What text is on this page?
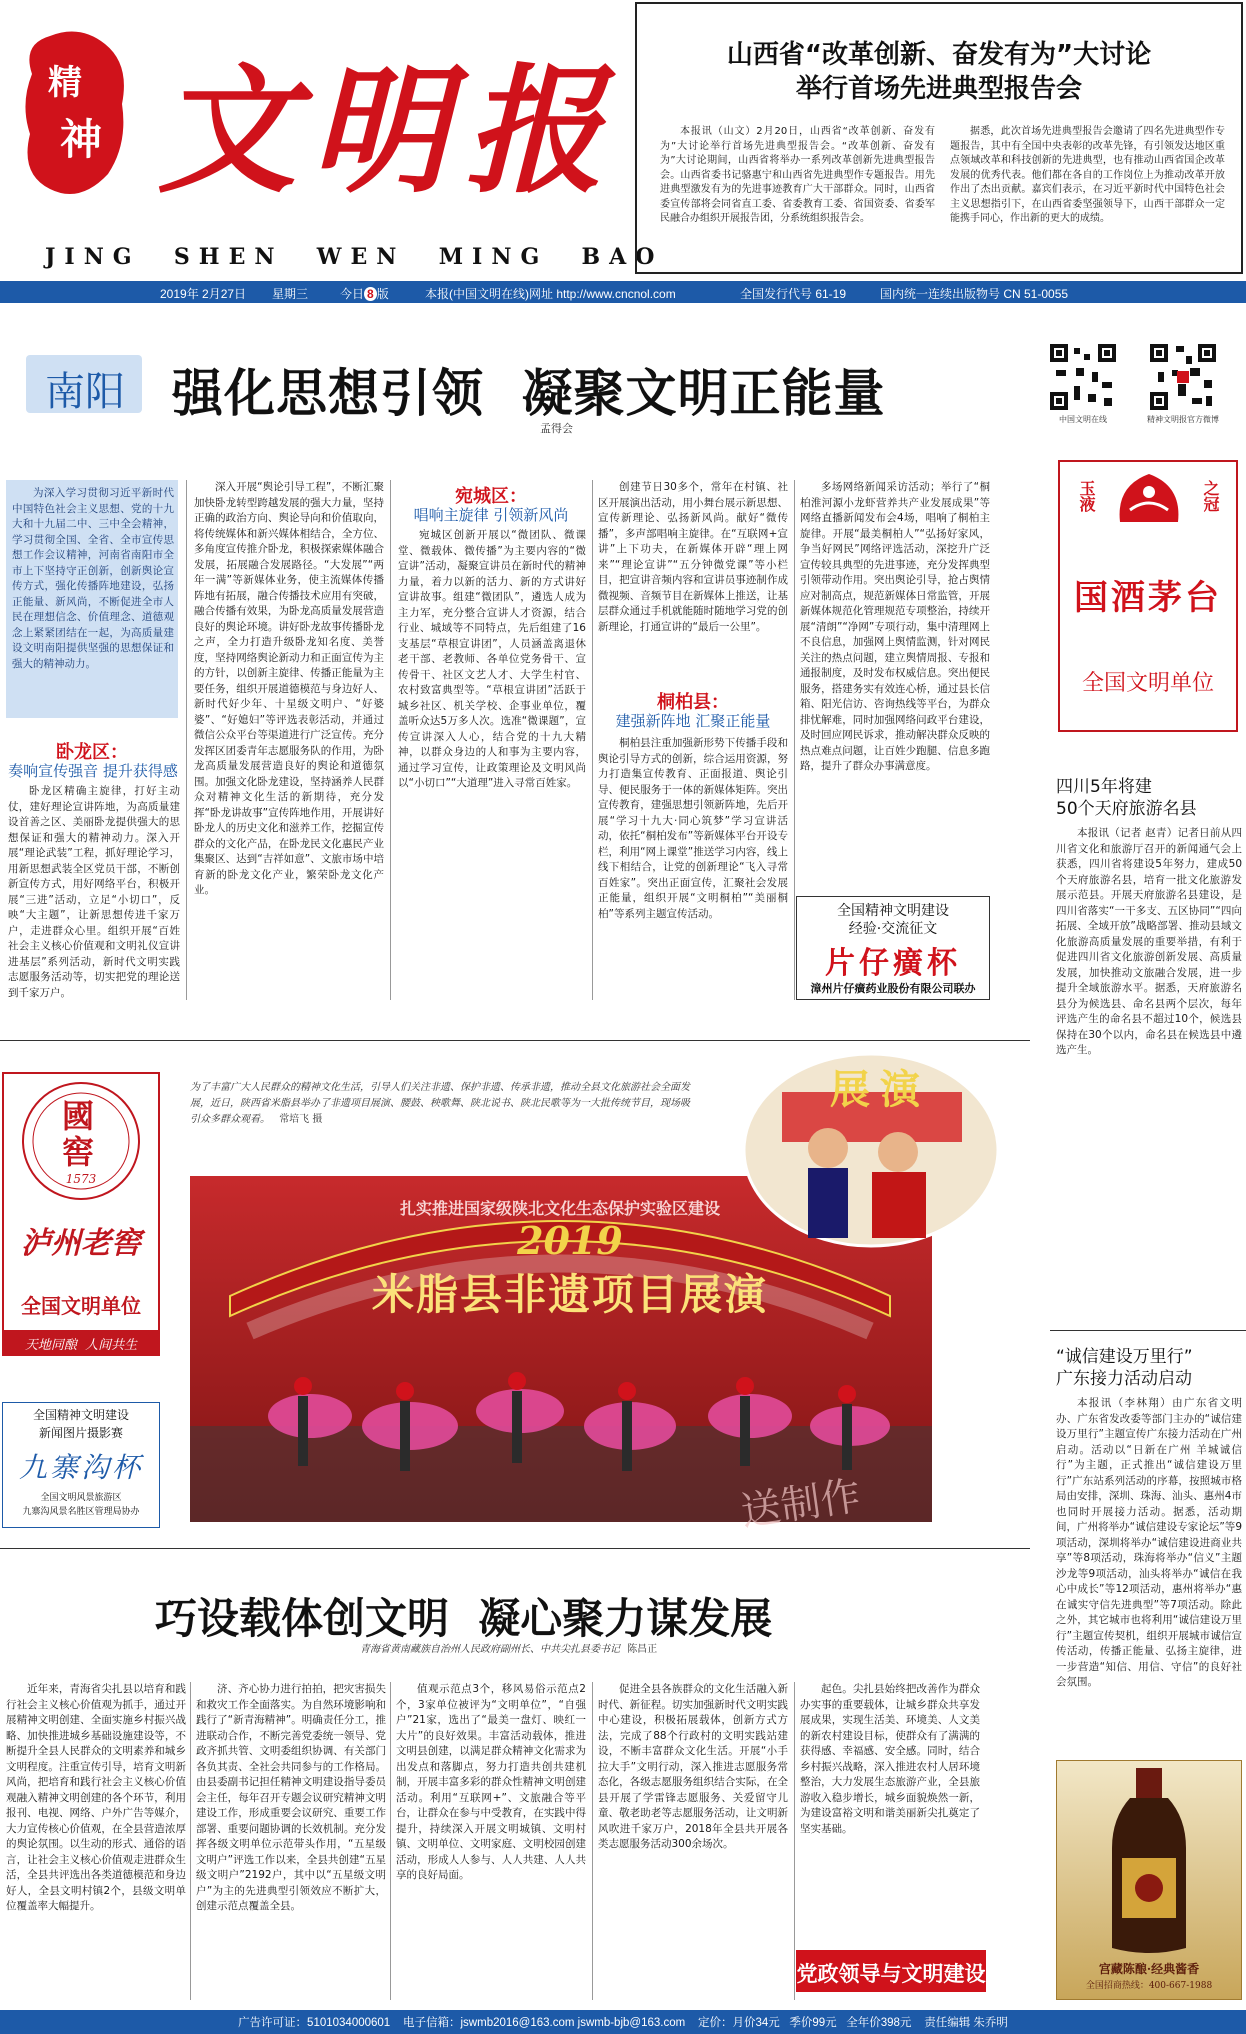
精
神 文 明 报
JING  SHEN  WEN  MING  BAO
山西省“改革创新、奋发有为”大讨论
举行首场先进典型报告会

本报讯（山文）2月20日，山西省“改革创新、奋发有为”大讨论举行首场先进典型报告会。“改革创新、奋发有为”大讨论期间，山西省将举办一系列改革创新先进典型报告会。山西省委书记骆惠宁和山西省先进典型作专题报告。用先进典型激发有为的先进事迹教育广大干部群众。同时，山西省委宣传部将会同省直工委、省委教育工委、省国资委、省委军民融合办组织开展报告团，分系统组织报告会。

据悉，此次首场先进典型报告会邀请了四名先进典型作专题报告，其中有全国中央表彰的改革先锋，有引领发达地区重点领域改革和科技创新的先进典型，也有推动山西省国企改革发展的优秀代表。他们都在各自的工作岗位上为推动改革开放作出了杰出贡献。嘉宾们表示，在习近平新时代中国特色社会主义思想指引下，在山西省委坚强领导下，山西干部群众一定能携手同心，作出新的更大的成绩。

2019年 2月27日 星期三	今日 8 版	本报(中国文明在线)网址 http://www.cncnol.com	全国发行代号 61-19	国内统一连续出版物号 CN 51-0055
南阳 强化思想引领  凝聚文明正能量
孟得会
中国文明在线	精神文明报官方微博

为深入学习贯彻习近平新时代中国特色社会主义思想、党的十九大和十九届二中、三中全会精神，学习贯彻全国、全省、全市宣传思想工作会议精神，河南省南阳市全市上下坚持守正创新，创新舆论宣传方式，强化传播阵地建设，弘扬正能量、新风尚，不断促进全市人民在理想信念、价值理念、道德观念上紧紧团结在一起，为高质量建设文明南阳提供坚强的思想保证和强大的精神动力。

卧龙区：
奏响宣传强音 提升获得感

卧龙区精确主旋律，打好主动仗，建好理论宣讲阵地，为高质量建设首善之区、美丽卧龙提供强大的思想保证和强大的精神动力。深入开展“理论武装”工程，抓好理论学习，用新思想武装全区党员干部，不断创新宣传方式，用好网络平台，积极开展“三进”活动，立足“小切口”，反映“大主题”，让新思想传进千家万户，走进群众心里。组织开展“百姓社会主义核心价值观和文明礼仪宣讲进基层”系列活动，新时代文明实践志愿服务活动等，切实把党的理论送到千家万户。

深入开展“舆论引导工程”，不断汇聚加快卧龙转型跨越发展的强大力量，坚持正确的政治方向、舆论导向和价值取向，将传统媒体和新兴媒体相结合，全方位、多角度宣传推介卧龙，积极探索媒体融合发展，拓展融合发展路径。“大发展”“两年一满”等新媒体业务，使主流媒体传播阵地有拓展，融合传播技术应用有突破，融合传播有效果，为卧龙高质量发展营造良好的舆论环境。讲好卧龙故事传播卧龙之声，全力打造升级卧龙知名度、美誉度，坚持网络舆论新动力和正面宣传为主的方针，以创新主旋律、传播正能量为主要任务，组织开展道德模范与身边好人、新时代好少年、十星级文明户、“好婆婆”、“好媳妇”等评选表彰活动，并通过微信公众平台等渠道进行广泛宣传。充分发挥区团委青年志愿服务队的作用，为卧龙高质量发展营造良好的舆论和道德氛围。加强文化卧龙建设，坚持涵养人民群众对精神文化生活的新期待，充分发挥“卧龙讲故事”宣传阵地作用，开展讲好卧龙人的历史文化和滋养工作，挖掘宣传群众的文化产品，在卧龙民文化惠民产业集聚区、达到“吉祥如意”、文旅市场中培育新的卧龙文化产业，繁荣卧龙文化产业。

宛城区：
唱响主旋律 引领新风尚

宛城区创新开展以“微团队、微课堂、微载体、微传播”为主要内容的“微宣讲”活动，凝聚宣讲员在新时代的精神力量，着力以新的活力、新的方式讲好宣讲故事。组建“微团队”，遴选人成为主力军，充分整合宣讲人才资源，结合行业、城域等不同特点，先后组建了16支基层“草根宣讲团”，人员涵盖离退休老干部、老教师、各单位党务骨干、宣传骨干、社区文艺人才、大学生村官、农村致富典型等。“草根宣讲团”活跃于城乡社区、机关学校、企事业单位，覆盖听众达5万多人次。选准“微课题”，宣传宣讲深入人心，结合党的十九大精神，以群众身边的人和事为主要内容，通过学习宣传，让政策理论及文明风尚以“小切口”“大道理”进入寻常百姓家。

创建节日30多个，常年在村镇、社区开展演出活动，用小舞台展示新思想、宣传新理论、弘扬新风尚。献好“微传播”，多声部唱响主旋律。在“互联网+宣讲”上下功夫，在新媒体开辟“理上网来”“理论宣讲”“五分钟微党课”等小栏目，把宣讲音频内容和宣讲员事迹制作成微视频、音频节目在新媒体上推送，让基层群众通过手机就能随时随地学习党的创新理论，打通宣讲的“最后一公里”。

桐柏县：
建强新阵地 汇聚正能量

桐柏县注重加强新形势下传播手段和舆论引导方式的创新，综合运用资源，努力打造集宣传教育、正面报道、舆论引导、便民服务于一体的新媒体矩阵。突出宣传教育，建强思想引领新阵地，先后开展“学习十九大·同心筑梦”学习宣讲活动，依托“桐柏发布”等新媒体平台开设专栏，利用“网上课堂”推送学习内容，线上线下相结合，让党的创新理论“飞入寻常百姓家”。突出正面宣传，汇聚社会发展正能量，组织开展“文明桐柏”“美丽桐柏”等系列主题宣传活动。

多场网络新闻采访活动；举行了“桐柏淮河源小龙虾营养共产业发展成果”等网络直播新闻发布会4场，唱响了桐柏主旋律。开展“最美桐柏人”“弘扬好家风，争当好网民”网络评选活动，深挖升广泛宣传较具典型的先进事迹，充分发挥典型引领带动作用。突出舆论引导，抢占舆情应对制高点，规范新媒体日常监管，开展新媒体规范化管理规范专项整治，持续开展“清朗”“净网”专项行动，集中清理网上不良信息，加强网上舆情监测，针对网民关注的热点问题，建立舆情周报、专报和通报制度，及时发布权威信息。突出便民服务，搭建务实有效连心桥，通过县长信箱、阳光信访、咨询热线等平台，为群众排忧解难，同时加强网络问政平台建设，及时回应网民诉求，推动解决群众反映的热点难点问题，让百姓少跑腿、信息多跑路，提升了群众办事满意度。

全国精神文明建设
经验·交流征文
片仔癀杯
漳州片仔癀药业股份有限公司联办
玉液	之冠
国酒茅台
全国文明单位
四川5年将建
50个天府旅游名县

本报讯（记者 赵青）记者日前从四川省文化和旅游厅召开的新闻通气会上获悉，四川省将建设5年努力，建成50个天府旅游名县，培育一批文化旅游发展示范县。开展天府旅游名县建设，是四川省落实“一干多支、五区协同”“四向拓展、全域开放”战略部署、推动县域文化旅游高质量发展的重要举措，有利于促进四川省文化旅游创新发展、高质量发展，加快推动文旅融合发展，进一步提升全域旅游水平。据悉，天府旅游名县分为候选县、命名县两个层次，每年评选产生的命名县不超过10个，候选县保持在30个以内，命名县在候选县中遴选产生。

國窖
1573
泸州老窖
全国文明单位
天地同酿  人间共生
全国精神文明建设
新闻图片摄影赛
九寨沟杯
全国文明风景旅游区
九寨沟风景名胜区管理局协办
为了丰富广大人民群众的精神文化生活，引导人们关注非遗、保护非遗、传承非遗，推动全县文化旅游社会全面发展，近日，陕西省米脂县举办了非遗项目展演、腰鼓、秧歌舞、陕北说书、陕北民歌等为一大批传统节目，现场吸引众多群众观看。 常培飞 摄
扎实推进国家级陕北文化生态保护实验区建设
2019
米脂县非遗项目展演
送制作
展演
“诚信建设万里行”
广东接力活动启动

本报讯（李林翔）由广东省文明办、广东省发改委等部门主办的“诚信建设万里行”主题宣传广东接力活动在广州启动。活动以“日新在广州 羊城诚信行”为主题，正式推出“诚信建设万里行”广东站系列活动的序幕，按照城市格局由安排，深圳、珠海、汕头、惠州4市也同时开展接力活动。据悉，活动期间，广州将举办“诚信建设专家论坛”等9项活动，深圳将举办“诚信建设进商业共享”等8项活动，珠海将举办“信义”主题沙龙等9项活动，汕头将举办“诚信在我心中成长”等12项活动，惠州将举办“惠在诚实守信先进典型”等7项活动。除此之外，其它城市也将利用“诚信建设万里行”主题宣传契机，组织开展城市诚信宣传活动，传播正能量、弘扬主旋律，进一步营造“知信、用信、守信”的良好社会氛围。

巧设载体创文明  凝心聚力谋发展
青海省黄南藏族自治州人民政府副州长、中共尖扎县委书记 陈昌正

近年来，青海省尖扎县以培育和践行社会主义核心价值观为抓手，通过开展精神文明创建、全面实施乡村振兴战略、加快推进城乡基础设施建设等，不断提升全县人民群众的文明素养和城乡文明程度。注重宣传引导，培育文明新风尚，把培育和践行社会主义核心价值观融入精神文明创建的各个环节，利用报刊、电视、网络、户外广告等媒介，大力宣传核心价值观，在全县营造浓厚的舆论氛围。以生动的形式、通俗的语言，让社会主义核心价值观走进群众生活，全县共评选出各类道德模范和身边好人，全县文明村镇2个，县级文明单位覆盖率大幅提升。

济、齐心协力进行拍拍，把灾害损失和救灾工作全面落实。为自然环境影响和践行了“新青海精神”。明确责任分工，推进联动合作，不断完善党委统一领导、党政齐抓共管、文明委组织协调、有关部门各负其责、全社会共同参与的工作格局。由县委副书记担任精神文明建设指导委员会主任，每年召开专题会议研究精神文明建设工作，形成重要会议研究、重要工作部署、重要问题协调的长效机制。充分发挥各级文明单位示范带头作用，“五星级文明户”评选工作以来，全县共创建“五星级文明户”2192户，其中以“五星级文明户”为主的先进典型引领效应不断扩大，创建示范点覆盖全县。

值观示范点3个，移风易俗示范点2个，3家单位被评为“文明单位”，“自强户”21家，选出了“最美一盘灯、映红一大片”的良好效果。丰富活动载体，推进文明县创建，以满足群众精神文化需求为出发点和落脚点，努力打造共创共建机制，开展丰富多彩的群众性精神文明创建活动。利用“互联网+”、文旅融合等平台，让群众在参与中受教育，在实践中得提升，持续深入开展文明城镇、文明村镇、文明单位、文明家庭、文明校园创建活动，形成人人参与、人人共建、人人共享的良好局面。

促进全县各族群众的文化生活融入新时代、新征程。切实加强新时代文明实践中心建设，积极拓展载体，创新方式方法，完成了88个行政村的文明实践站建设，不断丰富群众文化生活。开展“小手拉大手”文明行动，深入推进志愿服务常态化，各级志愿服务组织结合实际，在全县开展了学雷锋志愿服务、关爱留守儿童、敬老助老等志愿服务活动，让文明新风吹进千家万户，2018年全县共开展各类志愿服务活动300余场次。

起色。尖扎县始终把改善作为群众办实事的重要载体，让城乡群众共享发展成果，实现生活美、环境美、人文美的新农村建设目标，使群众有了满满的获得感、幸福感、安全感。同时，结合乡村振兴战略，深入推进农村人居环境整治，大力发展生态旅游产业，全县旅游收入稳步增长，城乡面貌焕然一新，为建设富裕文明和谐美丽新尖扎奠定了坚实基础。

党政领导与文明建设	宫藏陈酿·经典酱香
全国招商热线：400-667-1988
广告许可证：5101034000601 电子信箱：jswmb2016@163.com jswmb-bjb@163.com 定价：月价34元 季价99元 全年价398元 责任编辑 朱乔明
